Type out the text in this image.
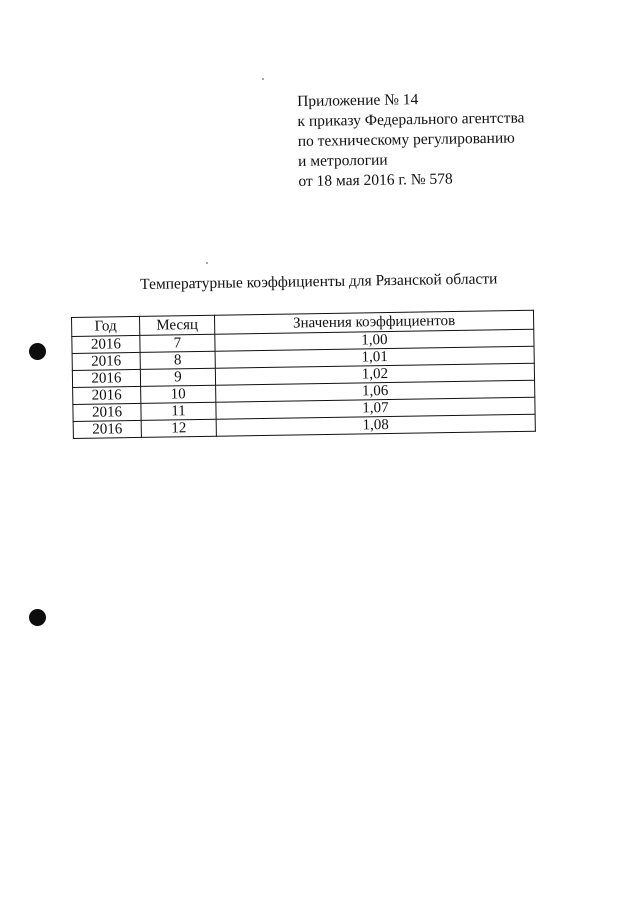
Приложение № 14
к приказу Федерального агентства
по техническому регулированию
и метрологии
от 18 мая 2016 г. № 578
Температурные коэффициенты для Рязанской области
Год	Месяц	Значения коэффициентов
2016	7	1,00
2016	8	1,01
2016	9	1,02
2016	10	1,06
2016	11	1,07
2016	12	1,08
